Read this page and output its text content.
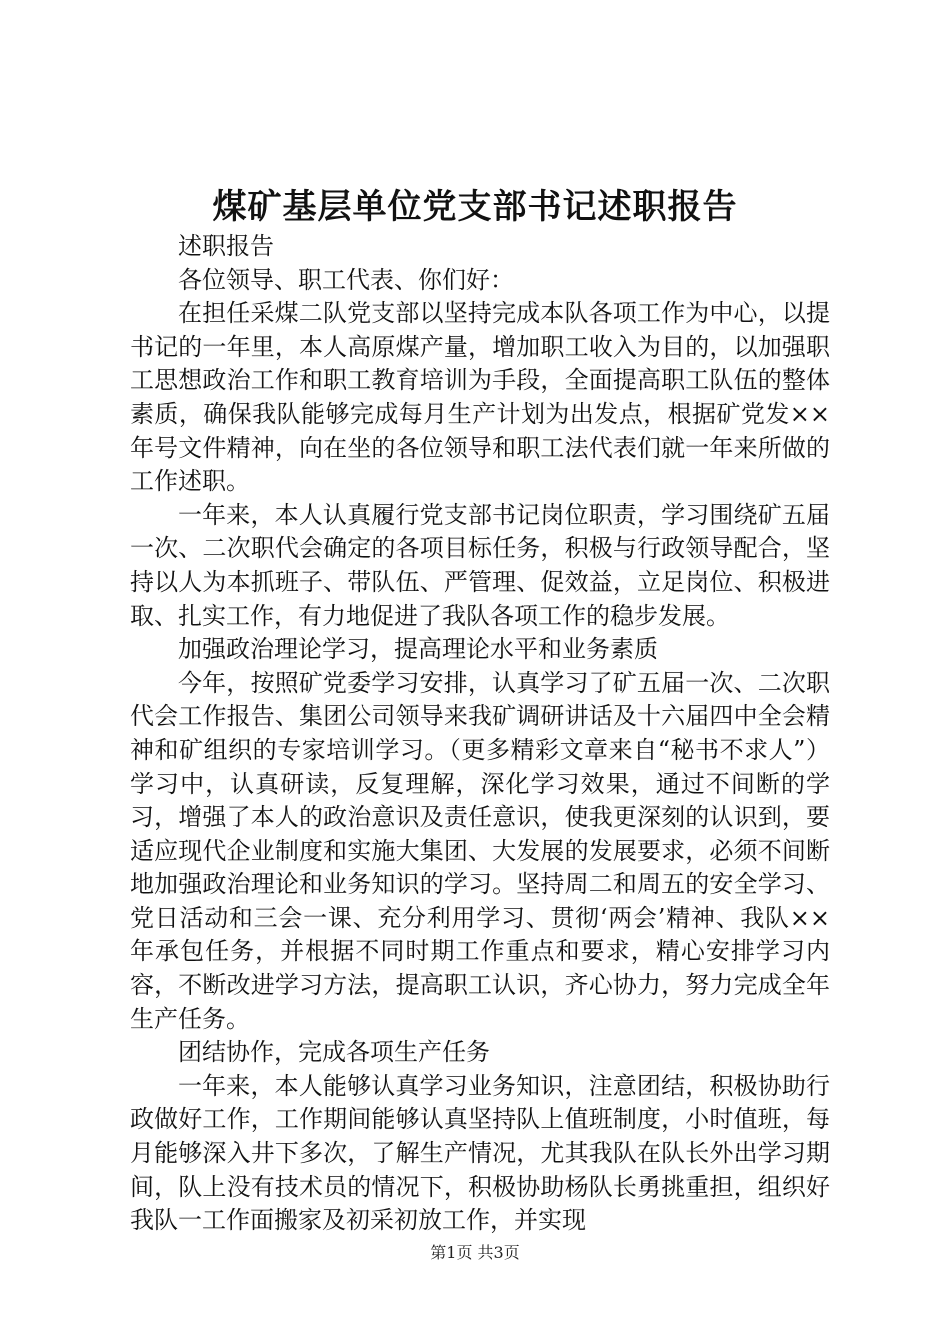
煤矿基层单位党支部书记述职报告

述职报告

各位领导、职工代表、你们好：

在担任采煤二队党支部以坚持完成本队各项工作为中心，以提书记的一年里，本人高原煤产量，增加职工收入为目的，以加强职工思想政治工作和职工教育培训为手段，全面提高职工队伍的整体素质，确保我队能够完成每月生产计划为出发点，根据矿党发××年号文件精神，向在坐的各位领导和职工法代表们就一年来所做的工作述职。

一年来，本人认真履行党支部书记岗位职责，学习围绕矿五届一次、二次职代会确定的各项目标任务，积极与行政领导配合，坚持以人为本抓班子、带队伍、严管理、促效益，立足岗位、积极进取、扎实工作，有力地促进了我队各项工作的稳步发展。

加强政治理论学习，提高理论水平和业务素质

今年，按照矿党委学习安排，认真学习了矿五届一次、二次职代会工作报告、集团公司领导来我矿调研讲话及十六届四中全会精神和矿组织的专家培训学习。（更多精彩文章来自“秘书不求人”）学习中，认真研读，反复理解，深化学习效果，通过不间断的学习，增强了本人的政治意识及责任意识，使我更深刻的认识到，要适应现代企业制度和实施大集团、大发展的发展要求，必须不间断地加强政治理论和业务知识的学习。坚持周二和周五的安全学习、党日活动和三会一课、充分利用学习、贯彻‘两会’精神、我队××年承包任务，并根据不同时期工作重点和要求，精心安排学习内容，不断改进学习方法，提高职工认识，齐心协力，努力完成全年生产任务。

团结协作，完成各项生产任务

一年来，本人能够认真学习业务知识，注意团结，积极协助行政做好工作，工作期间能够认真坚持队上值班制度，小时值班，每月能够深入井下多次，了解生产情况，尤其我队在队长外出学习期间，队上没有技术员的情况下，积极协助杨队长勇挑重担，组织好我队一工作面搬家及初采初放工作，并实现

第1页 共3页
